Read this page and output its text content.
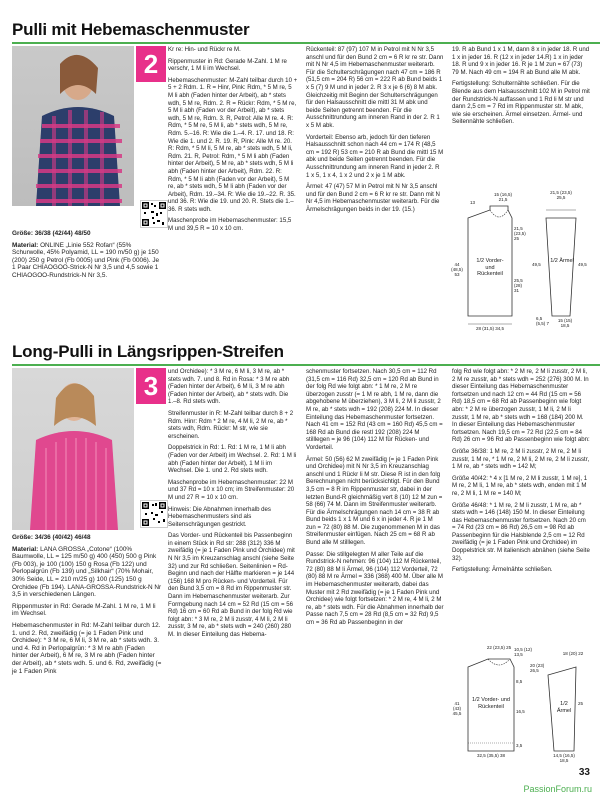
Pulli mit Hebemaschenmuster
2

Größe: 36/38 (42/44) 48/50

Material: ONLINE „Linie 552 Rofan“ (55% Schurwolle, 45% Polyamid, LL = 190 m/50 g) je 150 (200) 250 g Petrol (Fb 0005) und Pink (Fb 0006). Je 1 Paar CHIAOGOO-Strick-N Nr 3,5 und 4,5 sowie 1 CHIAOGOO-Rundstrick-N Nr 3,5.

Kr re: Hin- und Rückr re M.

Rippenmuster in Rd: Gerade M-Zahl. 1 M re verschr, 1 M li im Wechsel.

Hebemaschenmuster: M-Zahl teilbar durch 10 + 5 + 2 Rdm. 1. R = Hinr, Pink: Rdm, * 5 M re, 5 M li abh (Faden hinter der Arbeit), ab * stets wdh, 5 M re, Rdm. 2. R = Rückr: Rdm, * 5 M re, 5 M li abh (Faden vor der Arbeit), ab * stets wdh, 5 M re, Rdm. 3. R, Petrol: Alle M re. 4. R: Rdm, * 5 M re, 5 M li, ab * stets wdh, 5 M re, Rdm. 5.–16. R: Wie die 1.–4. R. 17. und 18. R: Wie die 1. und 2. R. 19. R, Pink: Alle M re. 20. R: Rdm, * 5 M li, 5 M re, ab * stets wdh, 5 M li, Rdm. 21. R, Petrol: Rdm, * 5 M li abh (Faden hinter der Arbeit), 5 M re, ab * stets wdh, 5 M li abh (Faden hinter der Arbeit), Rdm. 22. R: Rdm, * 5 M li abh (Faden vor der Arbeit), 5 M re, ab * stets wdh, 5 M li abh (Faden vor der Arbeit), Rdm. 19.–34. R: Wie die 19.–22. R. 35. und 36. R: Wie die 19. und 20. R. Stets die 1.–36. R stets wdh.

Maschenprobe im Hebemaschenmuster: 15,5 M und 39,5 R = 10 x 10 cm.

Rückenteil: 87 (97) 107 M in Petrol mit N Nr 3,5 anschl und für den Bund 2 cm = 6 R kr re str. Dann mit N Nr 4,5 im Hebemaschenmuster weiterarb. Für die Schulterschrägungen nach 47 cm = 186 R (51,5 cm = 204 R) 56 cm = 222 R ab Bund beids 1 x 5 (7) 9 M und in jeder 2. R 3 x je 6 (6) 8 M abk. Gleichzeitig mit Beginn der Schulterschrägungen für den Halsausschnitt die mittl 31 M abk und beide Seiten getrennt beenden. Für die Ausschnittrundung am inneren Rand in der 2. R 1 x 5 M abk.

Vorderteil: Ebenso arb, jedoch für den tieferen Halsausschnitt schon nach 44 cm = 174 R (48,5 cm = 192 R) 53 cm = 210 R ab Bund die mittl 15 M abk und beide Seiten getrennt beenden. Für die Ausschnittrundung am inneren Rand in jeder 2. R 1 x 5, 1 x 4, 1 x 2 und 2 x je 1 M abk.

Ärmel: 47 (47) 57 M in Petrol mit N Nr 3,5 anschl und für den Bund 2 cm = 6 R kr re str. Dann mit N Nr 4,5 im Hebemaschenmuster weiterarb. Für die Ärmelschrägungen beids in der 19. (15.)

19. R ab Bund 1 x 1 M, dann 8 x in jeder 18. R und 1 x in jeder 16. R (12 x in jeder 14.R) 1 x in jeder 18. R und 9 x in jeder 16. R je 1 M zun = 67 (73) 79 M. Nach 49 cm = 194 R ab Bund alle M abk.

Fertigstellung: Schulternähte schließen. Für die Blende aus dem Halsausschnitt 102 M in Petrol mit der Rundstrick-N auffassen und 1 Rd li M str und dann 2,5 cm = 7 Rd im Rippenmuster str. M abk, wie sie erscheinen. Ärmel einsetzen. Ärmel- und Seitennähte schließen.

1/2 Vorder- und Rückenteil
1/2 Ärmel
15 (16,5) 21,5
13
44 (48,5) 53
21,5 (23,5) 25
25,5 (28) 31
28 (31,5) 34,5
21,5 (23,5) 25,5
49,5	49,5
15 (15) 18,5
6,5 (5,5) 7
Long-Pulli in Längsrippen-Streifen
3

Größe: 34/36 (40/42) 46/48

Material: LANA GROSSA „Cotone“ (100% Baumwolle, LL = 125 m/50 g) 400 (450) 500 g Pink (Fb 003), je 100 (100) 150 g Rosa (Fb 122) und Perlopalgrün (Fb 139) und „Silkhair“ (70% Mohair, 30% Seide, LL = 210 m/25 g) 100 (125) 150 g Orchidee (Fb 194). LANA-GROSSA-Rundstrick-N Nr 3,5 in verschiedenen Längen.

Rippenmuster in Rd: Gerade M-Zahl. 1 M re, 1 M li im Wechsel.

Hebemaschenmuster in Rd: M-Zahl teilbar durch 12. 1. und 2. Rd, zweifädig (= je 1 Faden Pink und Orchidee): * 3 M re, 6 M li, 3 M re, ab * stets wdh. 3. und 4. Rd in Perlopalgrün: * 3 M re abh (Faden hinter der Arbeit), 6 M re, 3 M re abh (Faden hinter der Arbeit), ab * stets wdh. 5. und 6. Rd, zweifädig (= je 1 Faden Pink

und Orchidee): * 3 M re, 6 M li, 3 M re, ab * stets wdh. 7. und 8. Rd in Rosa: * 3 M re abh (Faden hinter der Arbeit), 6 M li, 3 M re abh (Faden hinter der Arbeit), ab * stets wdh. Die 1.–8. Rd stets wdh.

Streifenmuster in R: M-Zahl teilbar durch 8 + 2 Rdm. Hinr: Rdm * 2 M re, 4 M li, 2 M re, ab * stets wdh, Rdm. Rückr: M str, wie sie erscheinen.

Doppelstrick in Rd: 1. Rd: 1 M re, 1 M li abh (Faden vor der Arbeit) im Wechsel. 2. Rd: 1 M li abh (Faden hinter der Arbeit), 1 M li im Wechsel. Die 1. und 2. Rd stets wdh.

Maschenprobe im Hebemaschenmuster: 22 M und 37 Rd = 10 x 10 cm; im Streifenmuster: 20 M und 27 R = 10 x 10 cm.

Hinweis: Die Abnahmen innerhalb des Hebemaschenmusters sind als Seitenschrägungen gestrickt.

Das Vorder- und Rückenteil bis Passenbeginn in einem Stück in Rd str: 288 (312) 336 M zweifädig (= je 1 Faden Pink und Orchidee) mit N Nr 3,5 im Kreuzanschlag anschl (siehe Seite 32) und zur Rd schließen. Seitenlinien = Rd-Beginn und nach der Hälfte markieren = je 144 (156) 168 M pro Rücken- und Vorderteil. Für den Bund 3,5 cm = 8 Rd im Rippenmuster str. Dann im Hebemaschenmuster weiterarb. Zur Formgebung nach 14 cm = 52 Rd (15 cm = 56 Rd) 16 cm = 60 Rd ab Bund in der folg Rd wie folgt abn: * 3 M re, 2 M li zusstr, 4 M li, 2 M li zusstr, 3 M re, ab * stets wdh = 240 (260) 280 M. In dieser Einteilung das Hebema-

schenmuster fortsetzen. Nach 30,5 cm = 112 Rd (31,5 cm = 116 Rd) 32,5 cm = 120 Rd ab Bund in der folg Rd wie folgt abn: * 1 M re, 2 M re überzogen zusstr (= 1 M re abh, 1 M re, dann die abgehobene M überziehen), 3 M li, 2 M li zusstr, 2 M re, ab * stets wdh = 192 (208) 224 M. In dieser Einteilung das Hebemaschenmuster fortsetzen. Nach 41 cm = 152 Rd (43 cm = 160 Rd) 45,5 cm = 168 Rd ab Bund die restl 192 (208) 224 M stilllegen = je 96 (104) 112 M für Rücken- und Vorderteil.

Ärmel: 50 (56) 62 M zweifädig (= je 1 Faden Pink und Orchidee) mit N Nr 3,5 im Kreuzanschlag anschl und 1 Rückr li M str. Diese R ist in den folg Berechnungen nicht berücksichtigt. Für den Bund 3,5 cm = 8 R im Rippenmuster str, dabei in der letzten Bund-R gleichmäßig vert 8 (10) 12 M zun = 58 (66) 74 M. Dann im Streifenmuster weiterarb. Für die Ärmelschrägungen nach 14 cm = 38 R ab Bund beids 1 x 1 M und 6 x in jeder 4. R je 1 M zun = 72 (80) 88 M. Die zugenommenen M in das Streifenmuster einfügen. Nach 25 cm = 68 R ab Bund alle M stilllegen.

Passe: Die stillgelegten M aller Teile auf die Rundstrick-N nehmen: 96 (104) 112 M Rückenteil, 72 (80) 88 M li Ärmel, 96 (104) 112 Vorderteil, 72 (80) 88 M re Ärmel = 336 (368) 400 M. Über alle M im Hebemaschenmuster weiterarb, dabei das Muster mit 2 Rd zweifädig (= je 1 Faden Pink und Orchidee) wie folgt fortsetzen: * 2 M re, 4 M li, 2 M re, ab * stets wdh. Für die Abnahmen innerhalb der Passe nach 7,5 cm = 28 Rd (8,5 cm = 32 Rd) 9,5 cm = 36 Rd ab Passenbeginn in der

folg Rd wie folgt abn: * 2 M re, 2 M li zusstr, 2 M li, 2 M re zusstr, ab * stets wdh = 252 (276) 300 M. In dieser Einteilung das Hebemaschenmuster fortsetzen und nach 12 cm = 44 Rd (15 cm = 56 Rd) 18,5 cm = 68 Rd ab Passenbeginn wie folgt abn: * 2 M re überzogen zusstr, 1 M li, 2 M li zusstr, 1 M re, ab * stets wdh = 168 (184) 200 M. In dieser Einteilung das Hebemaschenmuster fortsetzen. Nach 19,5 cm = 72 Rd (22,5 cm = 84 Rd) 26 cm = 96 Rd ab Passenbeginn wie folgt abn:

Größe 36/38: 1 M re, 2 M li zusstr, 2 M re, 2 M li zusstr, 1 M re, * 1 M re, 2 M li, 2 M re, 2 M li zusstr, 1 M re, ab * stets wdh = 142 M;

Größe 40/42: * 4 x [1 M re, 2 M li zusstr, 1 M re], 1 M re, 2 M li, 1 M re, ab * stets wdh, enden mit 1 M re, 2 M li, 1 M re = 140 M;

Größe 46/48: * 1 M re, 2 M li zusstr, 1 M re, ab * stets wdh = 146 (148) 150 M. In dieser Einteilung das Hebemaschenmuster fortsetzen. Nach 20 cm = 74 Rd (23 cm = 86 Rd) 26,5 cm = 98 Rd ab Passenbeginn für die Halsblende 2,5 cm = 12 Rd zweifädig (= je 1 Faden Pink und Orchidee) im Doppelstrick str. M italienisch abnähen (siehe Seite 32).

Fertigstellung: Ärmelnähte schließen.

1/2 Vorder- und Rückenteil	1/2 Ärmel
22 (23,5) 25 10,5 (12) 13,5
8,5
41 (43) 45,5	16,5
20 (23) 26,5
3,5
32,5 (35,5) 38
18 (20) 22
25
14,5 (16,5) 18,5
33
PassionForum.ru
